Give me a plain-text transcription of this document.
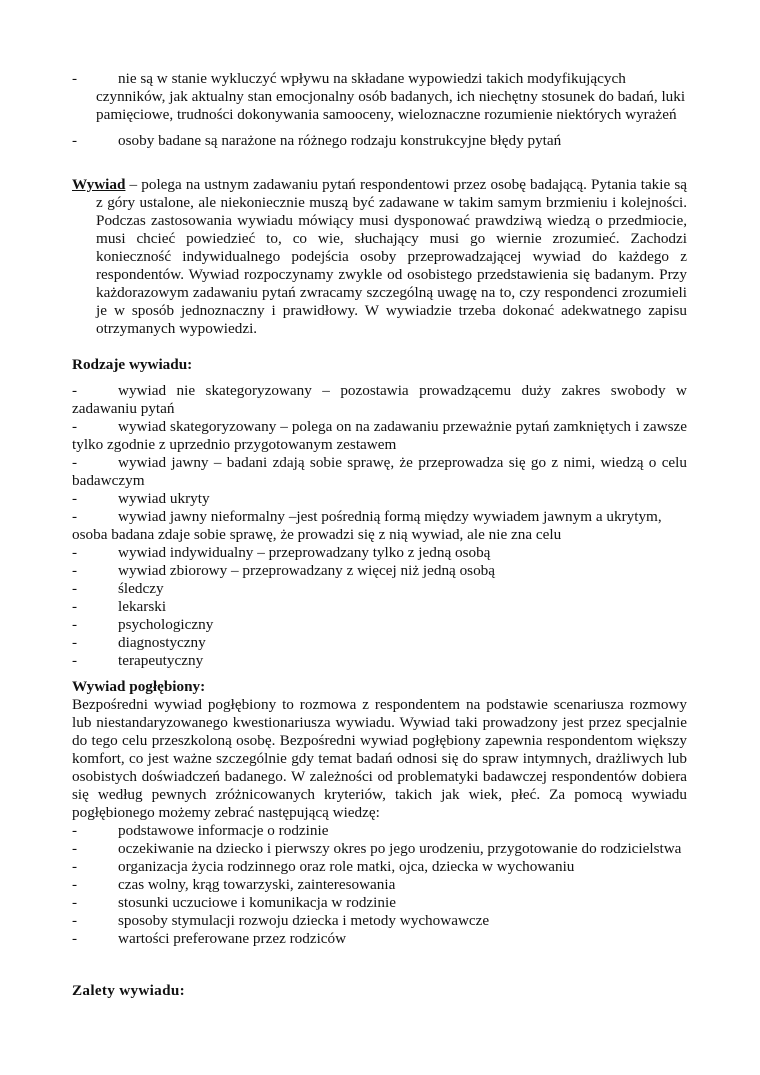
-	nie są w stanie wykluczyć wpływu na składane wypowiedzi takich modyfikujących czynników, jak aktualny stan emocjonalny osób badanych, ich niechętny stosunek do badań, luki pamięciowe, trudności dokonywania samooceny, wieloznaczne rozumienie niektórych wyrażeń
-	osoby badane są narażone na różnego rodzaju konstrukcyjne błędy pytań
Wywiad – polega na ustnym zadawaniu pytań respondentowi przez osobę badającą. Pytania takie są z góry ustalone, ale niekoniecznie muszą być zadawane w takim samym brzmieniu i kolejności. Podczas zastosowania wywiadu mówiący musi dysponować prawdziwą wiedzą o przedmiocie, musi chcieć powiedzieć to, co wie, słuchający musi go wiernie zrozumieć. Zachodzi konieczność indywidualnego podejścia osoby przeprowadzającej wywiad do każdego z respondentów. Wywiad rozpoczynamy zwykle od osobistego przedstawienia się badanym. Przy każdorazowym zadawaniu pytań zwracamy szczególną uwagę na to, czy respondenci zrozumieli je w sposób jednoznaczny i prawidłowy. W wywiadzie trzeba dokonać adekwatnego zapisu otrzymanych wypowiedzi.
Rodzaje wywiadu:
-	wywiad nie skategoryzowany – pozostawia prowadzącemu duży zakres swobody w zadawaniu pytań
-	wywiad skategoryzowany – polega on na zadawaniu przeważnie pytań zamkniętych i zawsze tylko zgodnie z uprzednio przygotowanym zestawem
-	wywiad jawny – badani zdają sobie sprawę, że przeprowadza się go z nimi, wiedzą o celu badawczym
-	wywiad ukryty
-	wywiad jawny nieformalny –jest pośrednią formą między wywiadem jawnym a ukrytym, osoba badana zdaje sobie sprawę, że prowadzi się z nią wywiad, ale nie zna celu
-	wywiad indywidualny – przeprowadzany tylko z jedną osobą
-	wywiad zbiorowy – przeprowadzany z więcej niż jedną osobą
-	śledczy
-	lekarski
-	psychologiczny
-	diagnostyczny
-	terapeutyczny
Wywiad pogłębiony:
Bezpośredni wywiad pogłębiony to rozmowa z respondentem na podstawie scenariusza rozmowy lub niestandaryzowanego kwestionariusza wywiadu. Wywiad taki prowadzony jest przez specjalnie do tego celu przeszkoloną osobę. Bezpośredni wywiad pogłębiony zapewnia respondentom większy komfort, co jest ważne szczególnie gdy temat badań odnosi się do spraw intymnych, drażliwych lub osobistych doświadczeń badanego. W zależności od problematyki badawczej respondentów dobiera się według pewnych zróżnicowanych kryteriów, takich jak wiek, płeć. Za pomocą wywiadu pogłębionego możemy zebrać następującą wiedzę:
-	podstawowe informacje o rodzinie
-	oczekiwanie na dziecko i pierwszy okres po jego urodzeniu, przygotowanie do rodzicielstwa
-	organizacja życia rodzinnego oraz role matki, ojca, dziecka w wychowaniu
-	czas wolny, krąg towarzyski, zainteresowania
-	stosunki uczuciowe i komunikacja w rodzinie
-	sposoby stymulacji rozwoju dziecka i metody wychowawcze
-	wartości preferowane przez rodziców
Zalety wywiadu:
